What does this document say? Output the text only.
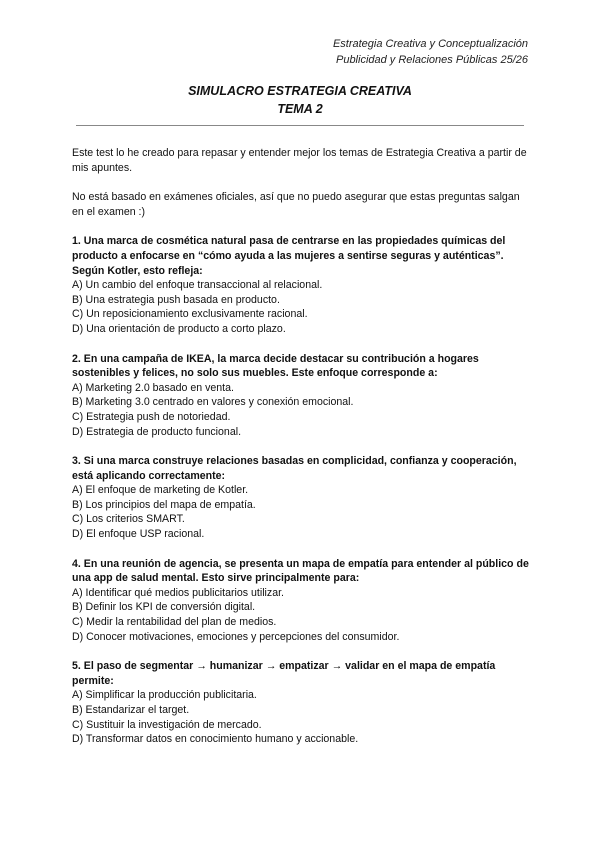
Estrategia Creativa y Conceptualización
Publicidad y Relaciones Públicas 25/26
SIMULACRO ESTRATEGIA CREATIVA
TEMA 2

Este test lo he creado para repasar y entender mejor los temas de Estrategia Creativa a partir de mis apuntes.

No está basado en exámenes oficiales, así que no puedo asegurar que estas preguntas salgan en el examen :)

1. Una marca de cosmética natural pasa de centrarse en las propiedades químicas del producto a enfocarse en “cómo ayuda a las mujeres a sentirse seguras y auténticas”. Según Kotler, esto refleja:

A) Un cambio del enfoque transaccional al relacional.

B) Una estrategia push basada en producto.

C) Un reposicionamiento exclusivamente racional.

D) Una orientación de producto a corto plazo.

2. En una campaña de IKEA, la marca decide destacar su contribución a hogares sostenibles y felices, no solo sus muebles. Este enfoque corresponde a:

A) Marketing 2.0 basado en venta.

B) Marketing 3.0 centrado en valores y conexión emocional.

C) Estrategia push de notoriedad.

D) Estrategia de producto funcional.

3. Si una marca construye relaciones basadas en complicidad, confianza y cooperación, está aplicando correctamente:

A) El enfoque de marketing de Kotler.

B) Los principios del mapa de empatía.

C) Los criterios SMART.

D) El enfoque USP racional.

4. En una reunión de agencia, se presenta un mapa de empatía para entender al público de una app de salud mental. Esto sirve principalmente para:

A) Identificar qué medios publicitarios utilizar.

B) Definir los KPI de conversión digital.

C) Medir la rentabilidad del plan de medios.

D) Conocer motivaciones, emociones y percepciones del consumidor.

5. El paso de segmentar → humanizar → empatizar → validar en el mapa de empatía permite:

A) Simplificar la producción publicitaria.

B) Estandarizar el target.

C) Sustituir la investigación de mercado.

D) Transformar datos en conocimiento humano y accionable.
